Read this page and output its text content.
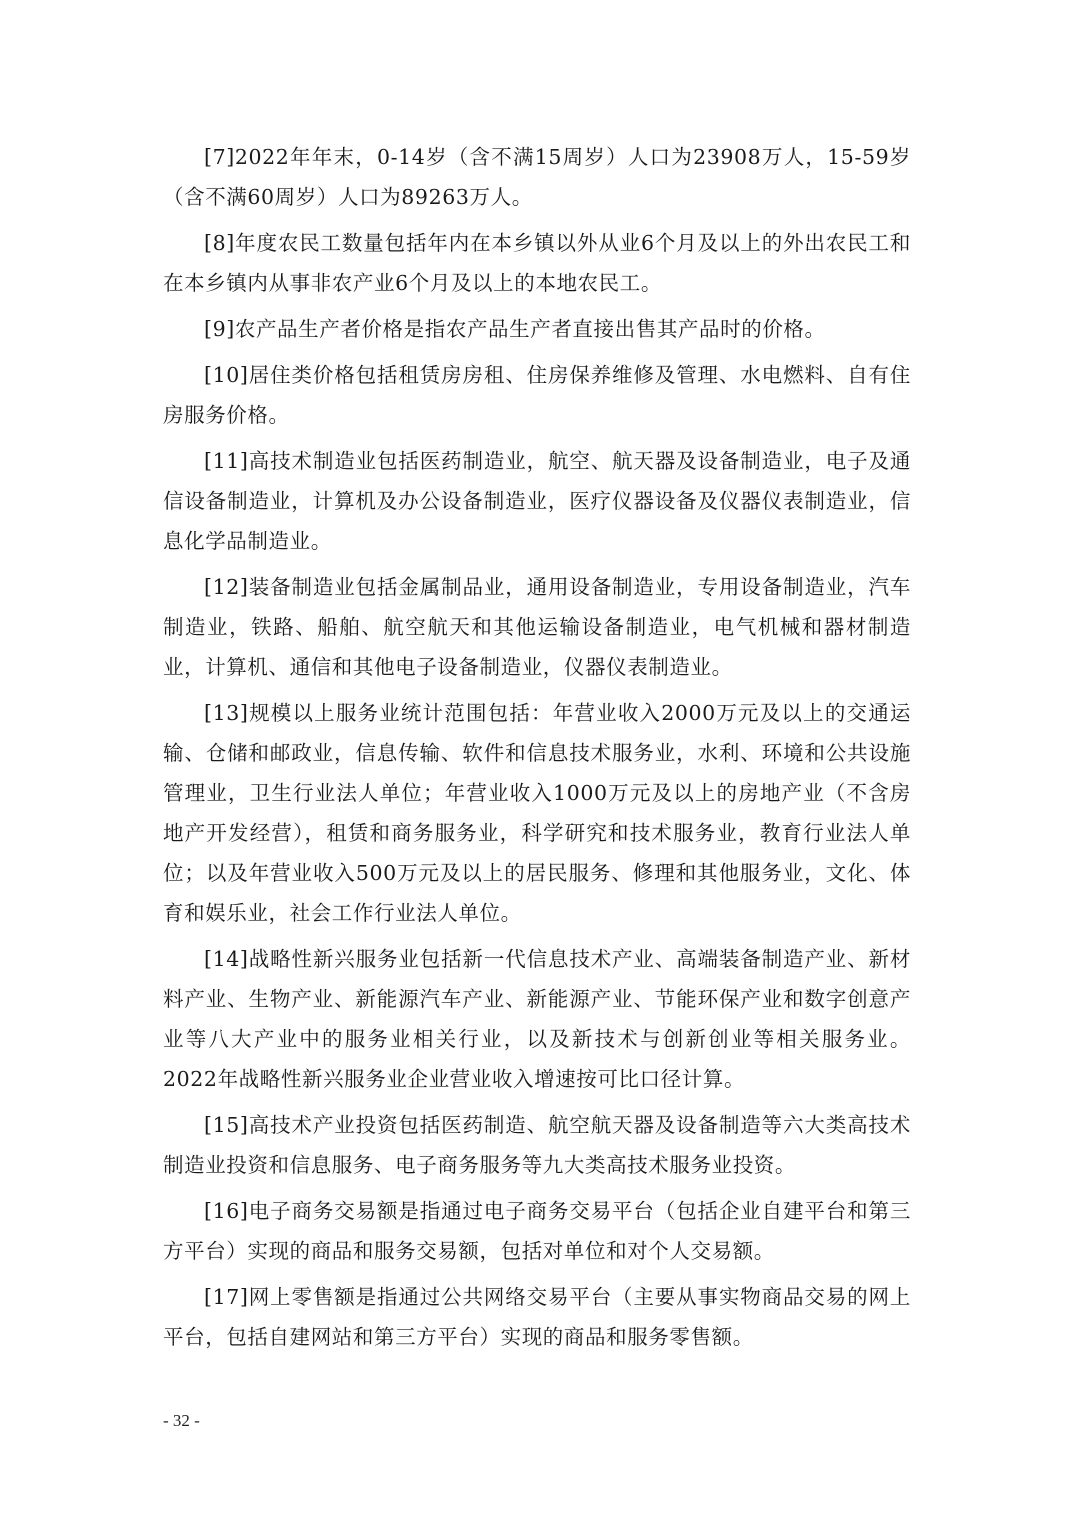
[7]2022年年末，0-14岁（含不满15周岁）人口为23908万人，15-59岁（含不满60周岁）人口为89263万人。

[8]年度农民工数量包括年内在本乡镇以外从业6个月及以上的外出农民工和在本乡镇内从事非农产业6个月及以上的本地农民工。

[9]农产品生产者价格是指农产品生产者直接出售其产品时的价格。

[10]居住类价格包括租赁房房租、住房保养维修及管理、水电燃料、自有住房服务价格。

[11]高技术制造业包括医药制造业，航空、航天器及设备制造业，电子及通信设备制造业，计算机及办公设备制造业，医疗仪器设备及仪器仪表制造业，信息化学品制造业。

[12]装备制造业包括金属制品业，通用设备制造业，专用设备制造业，汽车制造业，铁路、船舶、航空航天和其他运输设备制造业，电气机械和器材制造业，计算机、通信和其他电子设备制造业，仪器仪表制造业。

[13]规模以上服务业统计范围包括：年营业收入2000万元及以上的交通运输、仓储和邮政业，信息传输、软件和信息技术服务业，水利、环境和公共设施管理业，卫生行业法人单位；年营业收入1000万元及以上的房地产业（不含房地产开发经营），租赁和商务服务业，科学研究和技术服务业，教育行业法人单位；以及年营业收入500万元及以上的居民服务、修理和其他服务业，文化、体育和娱乐业，社会工作行业法人单位。

[14]战略性新兴服务业包括新一代信息技术产业、高端装备制造产业、新材料产业、生物产业、新能源汽车产业、新能源产业、节能环保产业和数字创意产业等八大产业中的服务业相关行业，以及新技术与创新创业等相关服务业。2022年战略性新兴服务业企业营业收入增速按可比口径计算。

[15]高技术产业投资包括医药制造、航空航天器及设备制造等六大类高技术制造业投资和信息服务、电子商务服务等九大类高技术服务业投资。

[16]电子商务交易额是指通过电子商务交易平台（包括企业自建平台和第三方平台）实现的商品和服务交易额，包括对单位和对个人交易额。

[17]网上零售额是指通过公共网络交易平台（主要从事实物商品交易的网上平台，包括自建网站和第三方平台）实现的商品和服务零售额。

- 32 -
